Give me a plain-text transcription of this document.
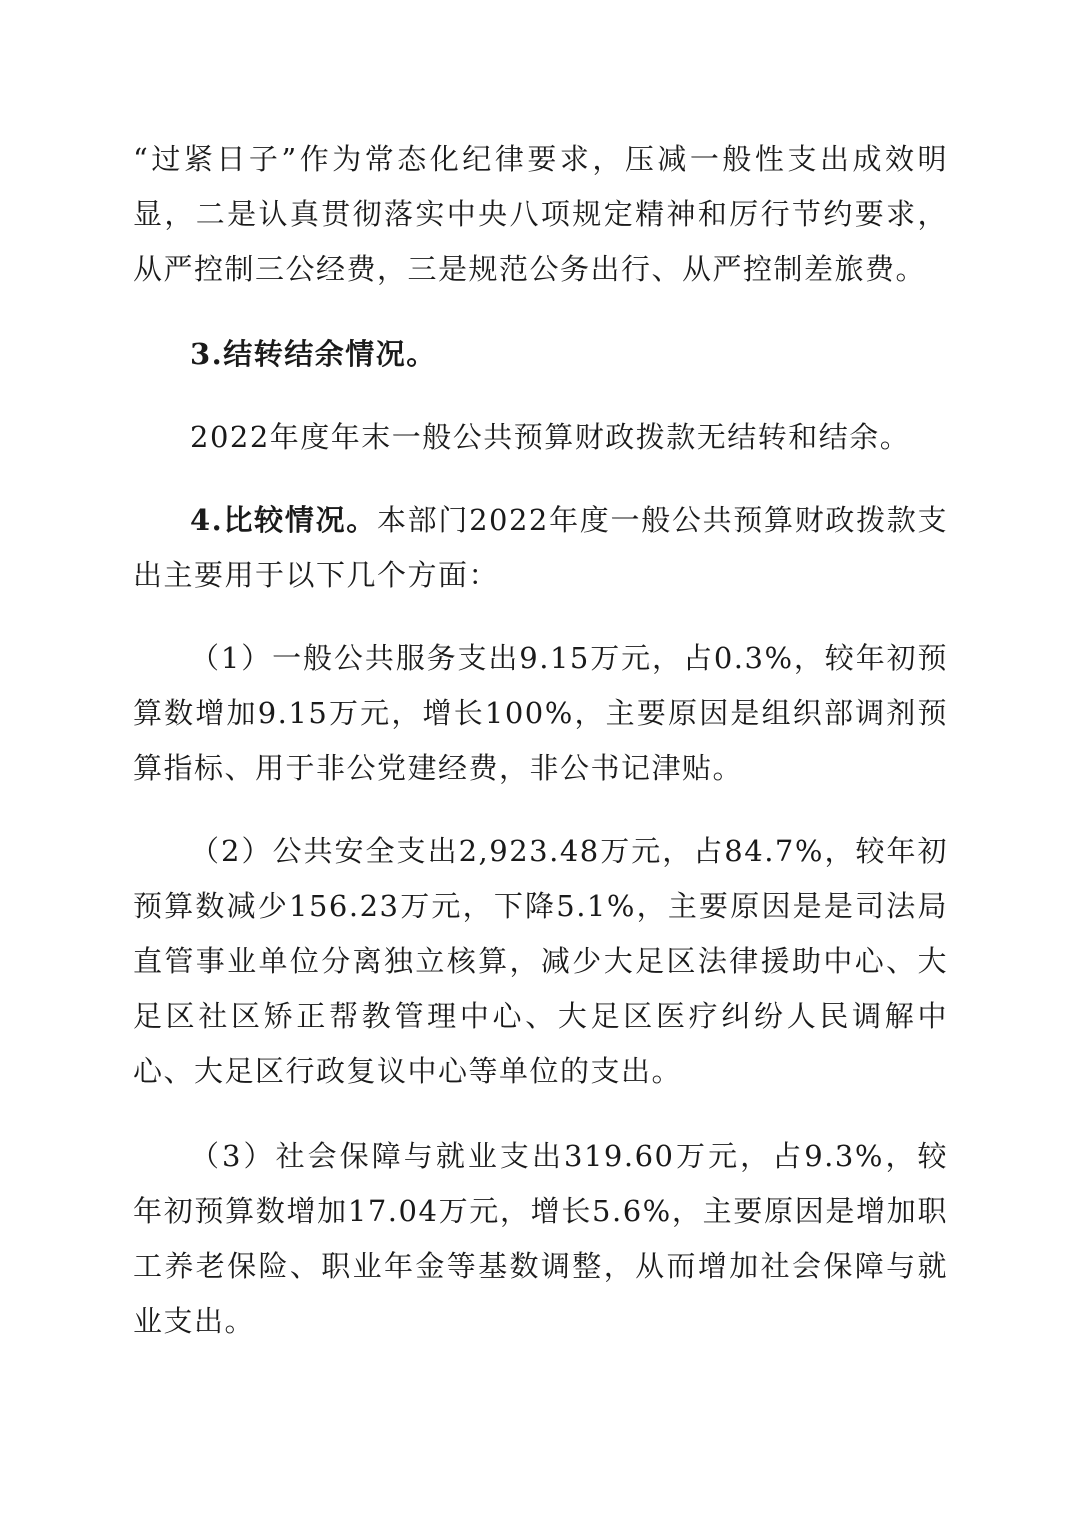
“过紧日子”作为常态化纪律要求，压减一般性支出成效明显，二是认真贯彻落实中央八项规定精神和厉行节约要求，从严控制三公经费，三是规范公务出行、从严控制差旅费。

3.结转结余情况。

2022年度年末一般公共预算财政拨款无结转和结余。

4.比较情况。本部门2022年度一般公共预算财政拨款支出主要用于以下几个方面：

（1）一般公共服务支出9.15万元，占0.3%，较年初预算数增加9.15万元，增长100%，主要原因是组织部调剂预算指标、用于非公党建经费，非公书记津贴。

（2）公共安全支出2,923.48万元，占84.7%，较年初预算数减少156.23万元，下降5.1%，主要原因是是司法局直管事业单位分离独立核算，减少大足区法律援助中心、大足区社区矫正帮教管理中心、大足区医疗纠纷人民调解中心、大足区行政复议中心等单位的支出。

（3）社会保障与就业支出319.60万元，占9.3%，较年初预算数增加17.04万元，增长5.6%，主要原因是增加职工养老保险、职业年金等基数调整，从而增加社会保障与就业支出。
